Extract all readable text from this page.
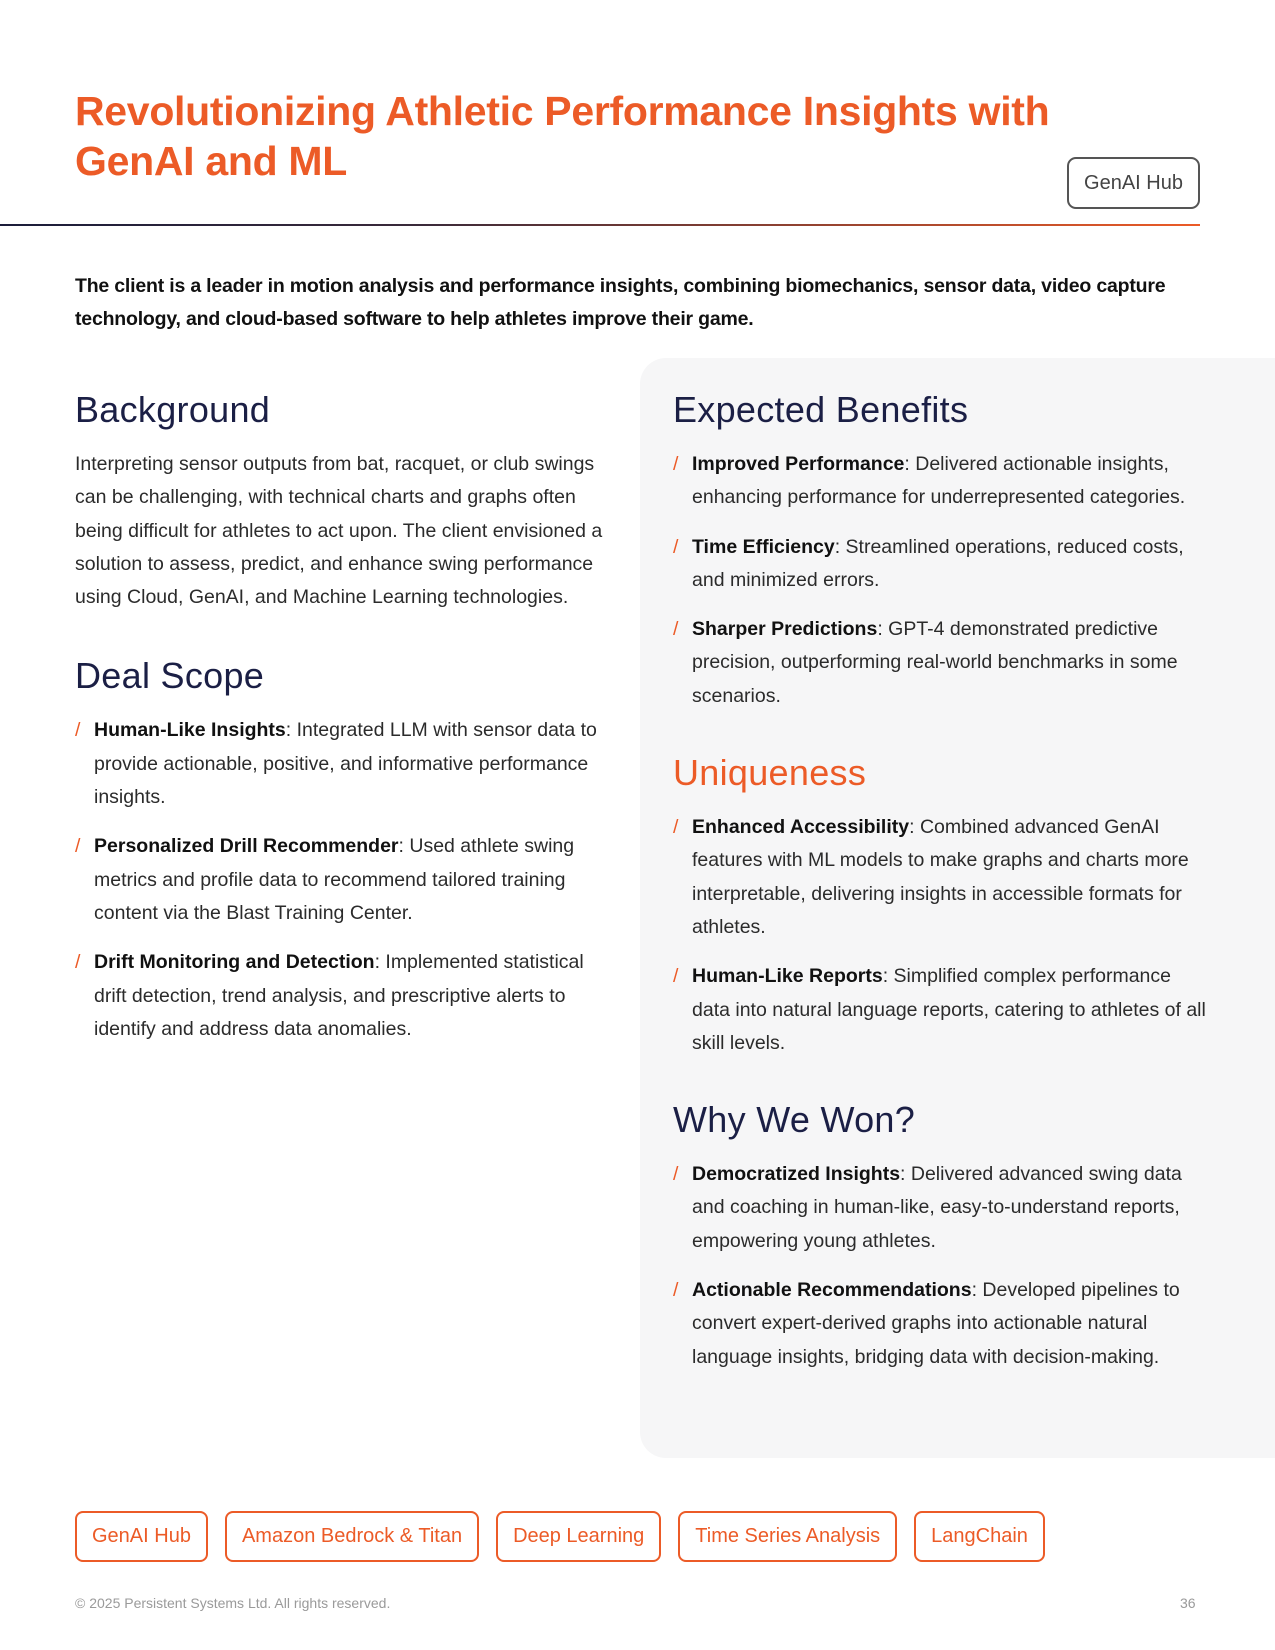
Revolutionizing Athletic Performance Insights with GenAI and ML	GenAI Hub

The client is a leader in motion analysis and performance insights, combining biomechanics, sensor data, video capture technology, and cloud-based software to help athletes improve their game.

Background

Interpreting sensor outputs from bat, racquet, or club swings can be challenging, with technical charts and graphs often being difficult for athletes to act upon. The client envisioned a solution to assess, predict, and enhance swing performance using Cloud, GenAI, and Machine Learning technologies.

Deal Scope
/ Human-Like Insights: Integrated LLM with sensor data to provide actionable, positive, and informative performance insights.
/ Personalized Drill Recommender: Used athlete swing metrics and profile data to recommend tailored training content via the Blast Training Center.
/ Drift Monitoring and Detection: Implemented statistical drift detection, trend analysis, and prescriptive alerts to identify and address data anomalies.
Expected Benefits
/ Improved Performance: Delivered actionable insights, enhancing performance for underrepresented categories.
/ Time Efficiency: Streamlined operations, reduced costs, and minimized errors.
/ Sharper Predictions: GPT-4 demonstrated predictive precision, outperforming real-world benchmarks in some scenarios.
Uniqueness
/ Enhanced Accessibility: Combined advanced GenAI features with ML models to make graphs and charts more interpretable, delivering insights in accessible formats for athletes.
/ Human-Like Reports: Simplified complex performance data into natural language reports, catering to athletes of all skill levels.
Why We Won?
/ Democratized Insights: Delivered advanced swing data and coaching in human-like, easy-to-understand reports, empowering young athletes.
/ Actionable Recommendations: Developed pipelines to convert expert-derived graphs into actionable natural language insights, bridging data with decision-making.
GenAI Hub	Amazon Bedrock & Titan	Deep Learning	Time Series Analysis	LangChain
© 2025 Persistent Systems Ltd. All rights reserved.	36
